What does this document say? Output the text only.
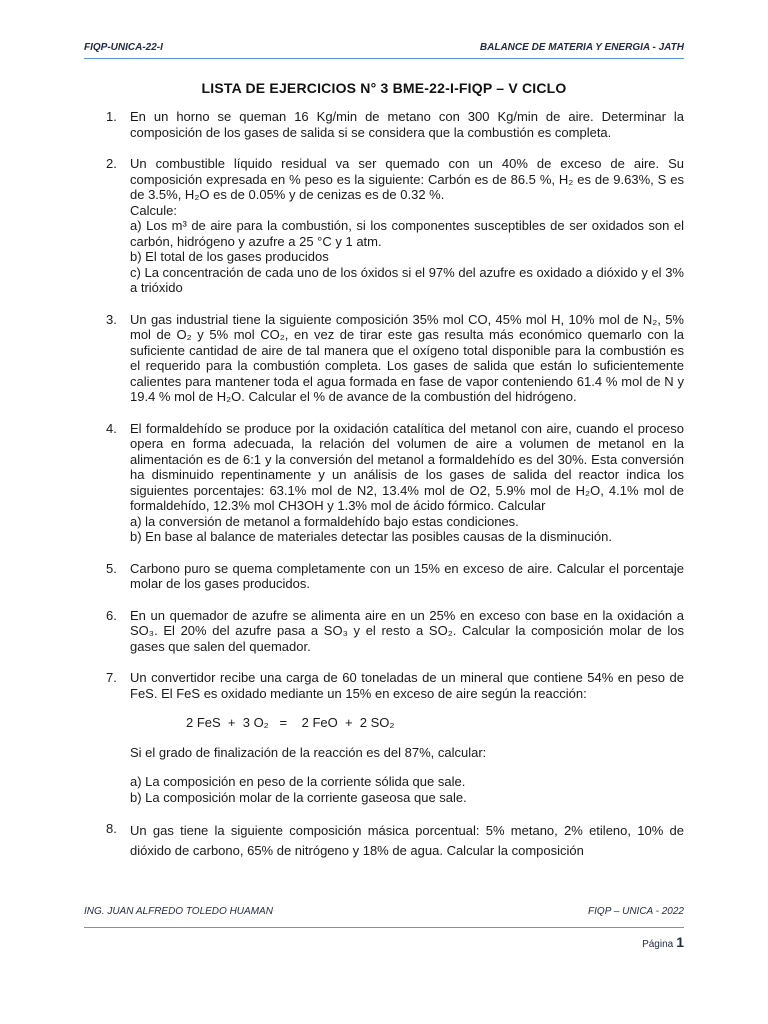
FIQP-UNICA-22-I	BALANCE DE MATERIA Y ENERGIA - JATH
LISTA DE EJERCICIOS N° 3 BME-22-I-FIQP – V CICLO
1.	En un horno se queman 16 Kg/min de metano con 300 Kg/min de aire. Determinar la composición de los gases de salida si se considera que la combustión es completa.
2.	Un combustible líquido residual va ser quemado con un 40% de exceso de aire. Su composición expresada en % peso es la siguiente: Carbón es de 86.5 %, H₂ es de 9.63%, S es de 3.5%, H₂O es de 0.05% y de cenizas es de 0.32 %.
Calcule:
a) Los m³ de aire para la combustión, si los componentes susceptibles de ser oxidados son el carbón, hidrógeno y azufre a 25 °C y 1 atm.
b) El total de los gases producidos
c) La concentración de cada uno de los óxidos si el 97% del azufre es oxidado a dióxido y el 3% a trióxido
3.	Un gas industrial tiene la siguiente composición 35% mol CO, 45% mol H, 10% mol de N₂, 5% mol de O₂ y 5% mol CO₂, en vez de tirar este gas resulta más económico quemarlo con la suficiente cantidad de aire de tal manera que el oxígeno total disponible para la combustión es el requerido para la combustión completa. Los gases de salida que están lo suficientemente calientes para mantener toda el agua formada en fase de vapor conteniendo 61.4 % mol de N y 19.4 % mol de H₂O. Calcular el % de avance de la combustión del hidrógeno.
4.	El formaldehído se produce por la oxidación catalítica del metanol con aire, cuando el proceso opera en forma adecuada, la relación del volumen de aire a volumen de metanol en la alimentación es de 6:1 y la conversión del metanol a formaldehído es del 30%. Esta conversión ha disminuido repentinamente y un análisis de los gases de salida del reactor indica los siguientes porcentajes: 63.1% mol de N2, 13.4% mol de O2, 5.9% mol de H₂O, 4.1% mol de formaldehído, 12.3% mol CH3OH y 1.3% mol de ácido fórmico. Calcular
a) la conversión de metanol a formaldehído bajo estas condiciones.
b) En base al balance de materiales detectar las posibles causas de la disminución.
5.	Carbono puro se quema completamente con un 15% en exceso de aire. Calcular el porcentaje molar de los gases producidos.
6.	En un quemador de azufre se alimenta aire en un 25% en exceso con base en la oxidación a SO₃. El 20% del azufre pasa a SO₃ y el resto a SO₂. Calcular la composición molar de los gases que salen del quemador.
7.	Un convertidor recibe una carga de 60 toneladas de un mineral que contiene 54% en peso de FeS. El FeS es oxidado mediante un 15% en exceso de aire según la reacción:
2 FeS  +  3 O₂   =    2 FeO  +  2 SO₂
Si el grado de finalización de la reacción es del 87%, calcular:
a) La composición en peso de la corriente sólida que sale.
b) La composición molar de la corriente gaseosa que sale.
8.	Un gas tiene la siguiente composición másica porcentual: 5% metano, 2% etileno, 10% de dióxido de carbono, 65% de nitrógeno y 18% de agua. Calcular la composición
ING. JUAN ALFREDO TOLEDO HUAMAN	FIQP – UNICA - 2022
Página 1
